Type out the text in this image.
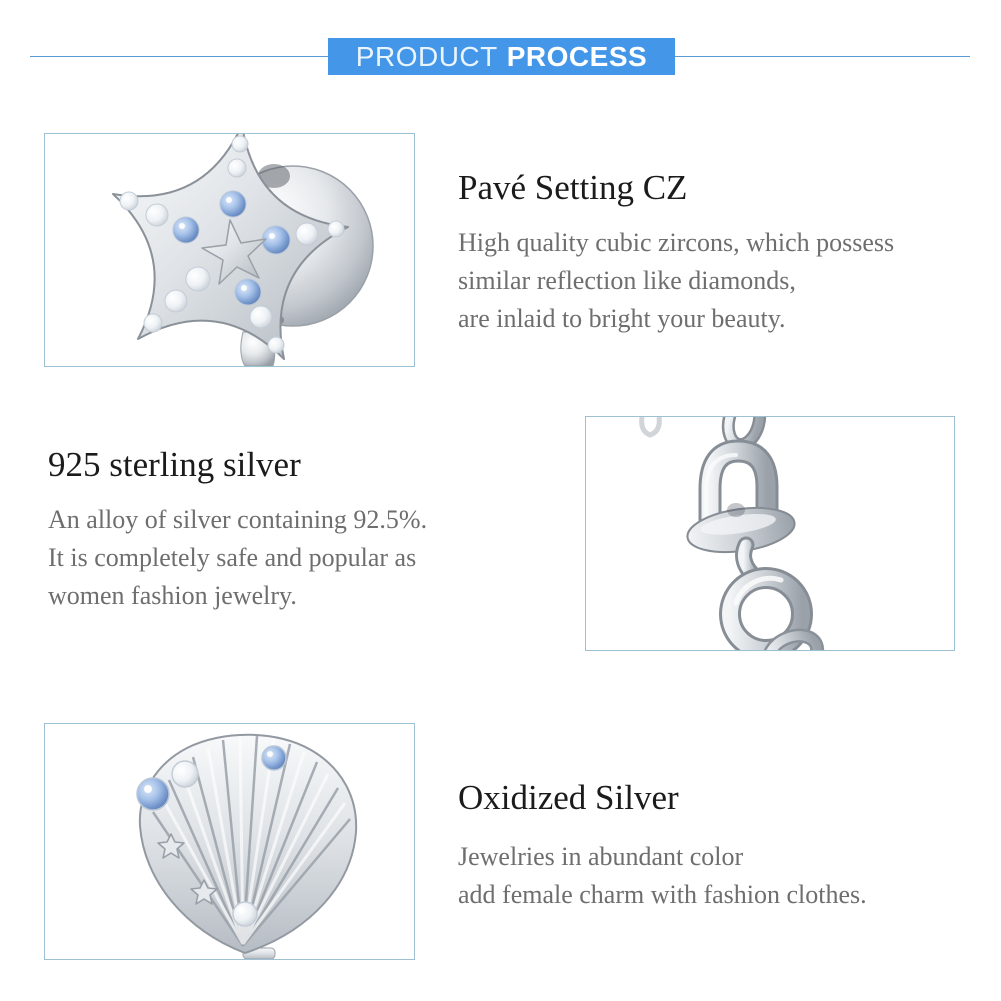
PRODUCT PROCESS
Pavé Setting CZ
High quality cubic zircons, which possess
similar reflection like diamonds,
are inlaid to bright your beauty.
925 sterling silver
An alloy of silver containing 92.5%.
It is completely safe and popular as
women fashion jewelry.
Oxidized Silver
Jewelries in abundant color
add female charm with fashion clothes.
